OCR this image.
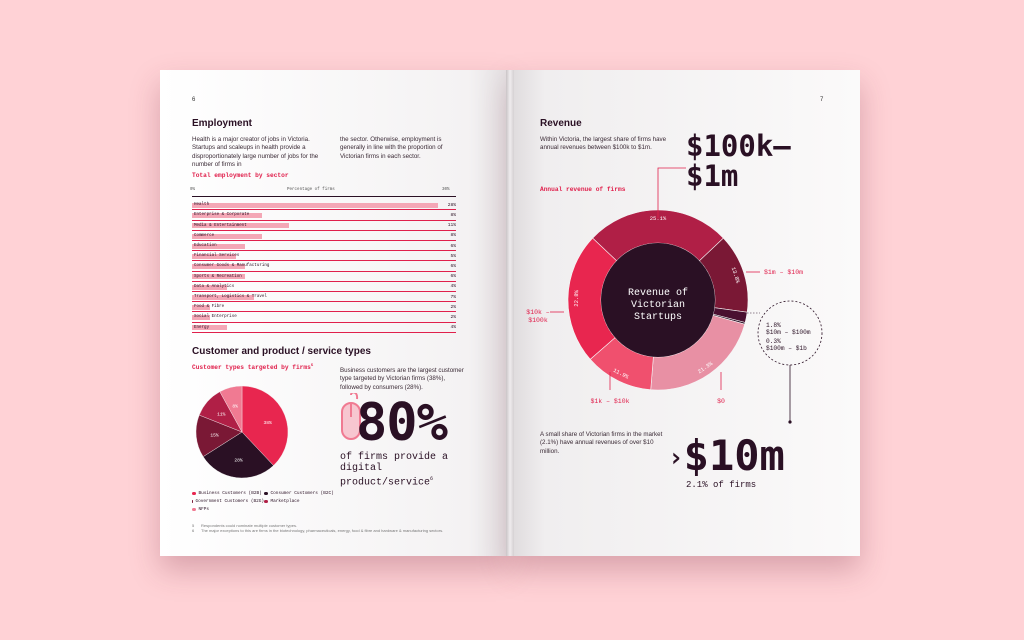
6
Employment
Health is a major creator of jobs in Victoria. Startups and scaleups in health provide a disproportionately large number of jobs for the number of firms in
the sector. Otherwise, employment is generally in line with the proportion of Victorian firms in each sector.
Total employment by sector
0%	Percentage of firms	30%
Health	28%
Enterprise & Corporate	8%
Media & Entertainment	11%
Commerce	8%
Education	6%
Financial Services	5%
Consumer Goods & Manufacturing	6%
Sports & Recreation	6%
Data & Analytics	4%
Transport, Logistics & Travel	7%
Food & Fibre	2%
Social Enterprise	2%
Energy	4%
Customer and product / service types
Customer types targeted by firms$^5$
38%
28%
15%
11%
8%
Business Customers (B2B) Consumer Customers (B2C)
Government Customers (B2G) Marketplace
NFPs
Business customers are the largest customer type targeted by Victorian firms (38%), followed by consumers (28%).
80%
of firms provide a digital product/service$^6$
5 Respondents could nominate multiple customer types.
6 The major exceptions to this are firms in the biotechnology, pharmaceuticals, energy, food & fibre and hardware & manufacturing sectors.
7
Revenue
Within Victoria, the largest share of firms have annual revenues between $100k to $1m.	$100k–
$1m
Annual revenue of firms
25.1%
13.8%
21.3%
11.9%
22.8%	Revenue of
Victorian
Startups
$1m – $10m
$10k –
$100k
$1k – $10k	$0
1.8%
$10m – $100m
0.3%
$100m – $1b
A small share of Victorian firms in the market (2.1%) have annual revenues of over $10 million.	›$10m
2.1% of firms
